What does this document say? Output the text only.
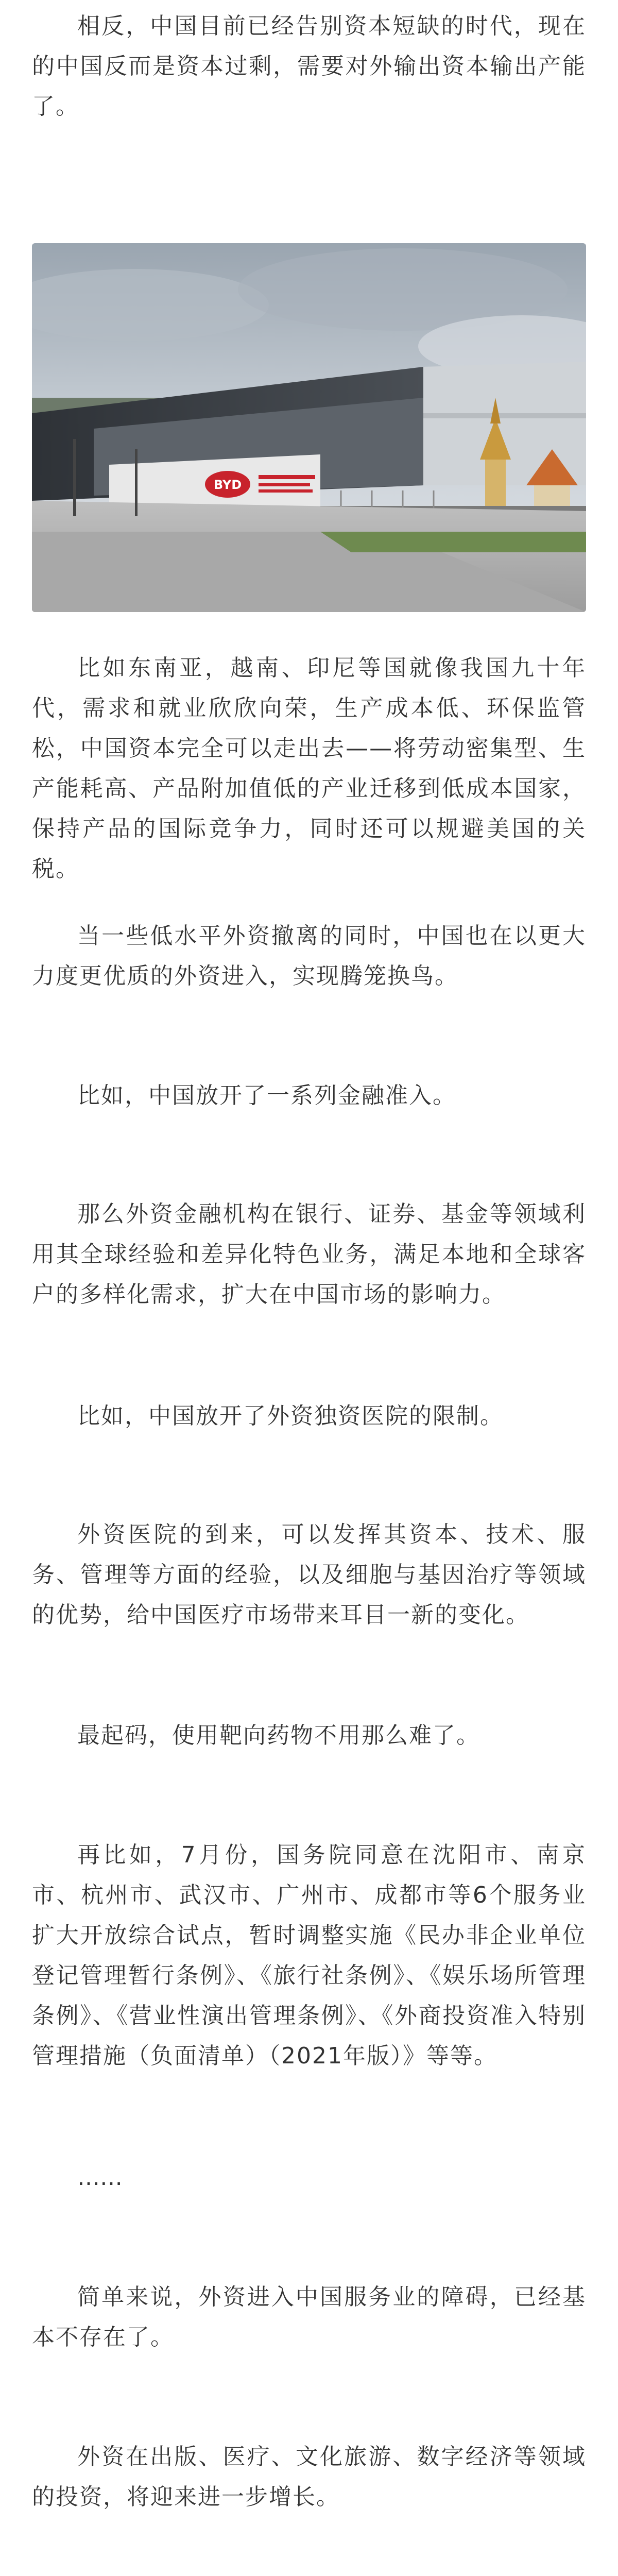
相反，中国目前已经告别资本短缺的时代，现在的中国反而是资本过剩，需要对外输出资本输出产能了。

BYD

比如东南亚，越南、印尼等国就像我国九十年代，需求和就业欣欣向荣，生产成本低、环保监管松，中国资本完全可以走出去——将劳动密集型、生产能耗高、产品附加值低的产业迁移到低成本国家，保持产品的国际竞争力，同时还可以规避美国的关税。

当一些低水平外资撤离的同时，中国也在以更大力度更优质的外资进入，实现腾笼换鸟。

比如，中国放开了一系列金融准入。

那么外资金融机构在银行、证券、基金等领域利用其全球经验和差异化特色业务，满足本地和全球客户的多样化需求，扩大在中国市场的影响力。

比如，中国放开了外资独资医院的限制。

外资医院的到来，可以发挥其资本、技术、服务、管理等方面的经验，以及细胞与基因治疗等领域的优势，给中国医疗市场带来耳目一新的变化。

最起码，使用靶向药物不用那么难了。

再比如，7月份，国务院同意在沈阳市、南京市、杭州市、武汉市、广州市、成都市等6个服务业扩大开放综合试点，暂时调整实施《民办非企业单位登记管理暂行条例》、《旅行社条例》、《娱乐场所管理条例》、《营业性演出管理条例》、《外商投资准入特别管理措施（负面清单）（2021年版）》等等。

……

简单来说，外资进入中国服务业的障碍，已经基本不存在了。

外资在出版、医疗、文化旅游、数字经济等领域的投资，将迎来进一步增长。
